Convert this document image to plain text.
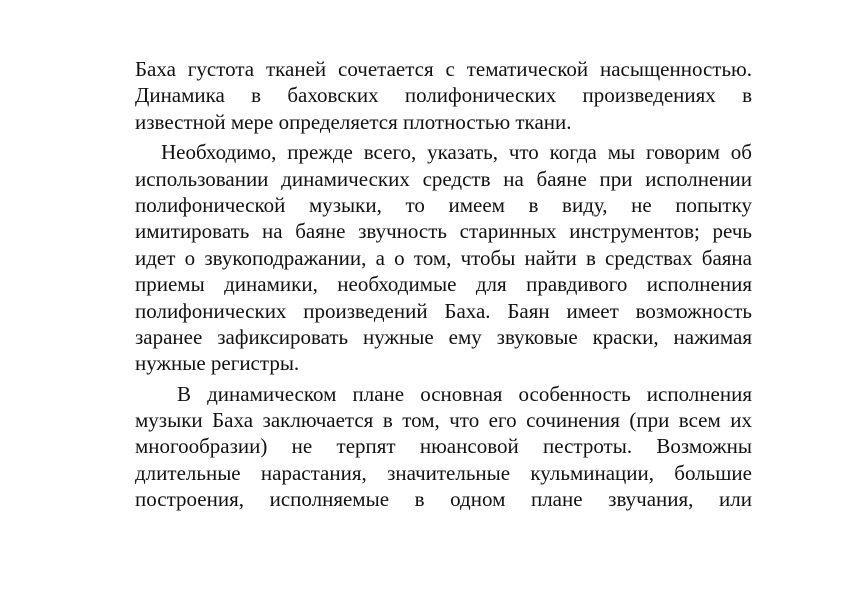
Баха густота тканей сочетается с тематической насыщенностью.
Динамика в баховских полифонических произведениях в
известной мере определяется плотностью ткани.
Необходимо, прежде всего, указать, что когда мы говорим об
использовании динамических средств на баяне при исполнении
полифонической музыки, то имеем в виду, не попытку
имитировать на баяне звучность старинных инструментов; речь
идет о звукоподражании, а о том, чтобы найти в средствах баяна
приемы динамики, необходимые для правдивого исполнения
полифонических произведений Баха. Баян имеет возможность
заранее зафиксировать нужные ему звуковые краски, нажимая
нужные регистры.
В динамическом плане основная особенность исполнения
музыки Баха заключается в том, что его сочинения (при всем их
многообразии) не терпят нюансовой пестроты. Возможны
длительные нарастания, значительные кульминации, большие
построения, исполняемые в одном плане звучания, или
